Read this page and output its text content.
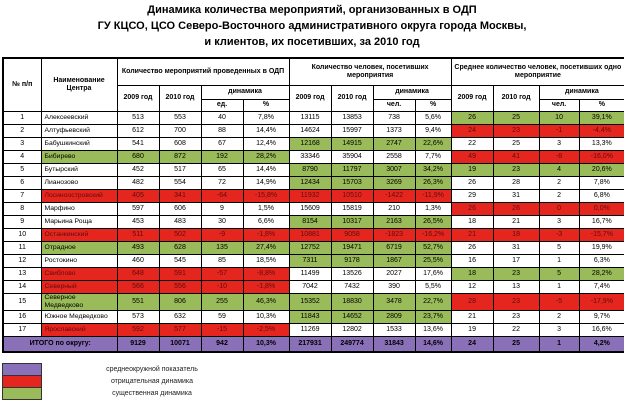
Динамика количества мероприятий, организованных в ОДП
ГУ КЦСО, ЦСО Северо-Восточного административного округа города Москвы,
и клиентов, их посетивших, за 2010 год
№ п/п	Наименование Центра	Количество мероприятий проведенных в ОДП				Количество человек, посетивших мероприятия				Среднее количество человек, посетивших одно мероприятие			
		2009 год	2010 год	динамика		2009 год	2010 год	динамика		2009 год	2010 год	динамика	
				ед.	%			чел.	%			чел.	%
1	Алексеевский	513	553	40	7,8%	13115	13853	738	5,6%	26	25	10	39,1%
2	Алтуфьевский	612	700	88	14,4%	14624	15997	1373	9,4%	24	23	-1	-4,4%
3	Бабушкинский	541	608	67	12,4%	12168	14915	2747	22,6%	22	25	3	13,3%
4	Бибирево	680	872	192	28,2%	33346	35904	2558	7,7%	49	41	-8	-16,0%
5	Бутырский	452	517	65	14,4%	8790	11797	3007	34,2%	19	23	4	20,6%
6	Лианозово	482	554	72	14,9%	12434	15703	3269	26,3%	26	28	2	7,8%
7	Лосиноостровский	405	341	-64	-15,8%	11932	10510	-1422	-11,9%	29	31	2	6,8%
8	Марфино	597	606	9	1,5%	15609	15819	210	1,3%	26	26	0	0,0%
9	Марьина Роща	453	483	30	6,6%	8154	10317	2163	26,5%	18	21	3	16,7%
10	Останкинский	511	502	-9	-1,8%	10881	9058	-1823	-16,2%	21	18	-3	-15,7%
11	Отрадное	493	628	135	27,4%	12752	19471	6719	52,7%	26	31	5	19,9%
12	Ростокино	460	545	85	18,5%	7311	9178	1867	25,5%	16	17	1	6,3%
13	Свиблово	648	591	-57	-8,8%	11499	13526	2027	17,6%	18	23	5	28,2%
14	Северный	566	556	-10	-1,8%	7042	7432	390	5,5%	12	13	1	7,4%
15	Северное Медведково	551	806	255	46,3%	15352	18830	3478	22,7%	28	23	-5	-17,9%
16	Южное Медведково	573	632	59	10,3%	11843	14652	2809	23,7%	21	23	2	9,7%
17	Ярославский	592	577	-15	-2,5%	11269	12802	1533	13,6%	19	22	3	16,6%
ИТОГО по округу:		9129	10071	942	10,3%	217931	249774	31843	14,6%	24	25	1	4,2%
среднеокружной показатель
отрицательная динамика
существенная динамика
